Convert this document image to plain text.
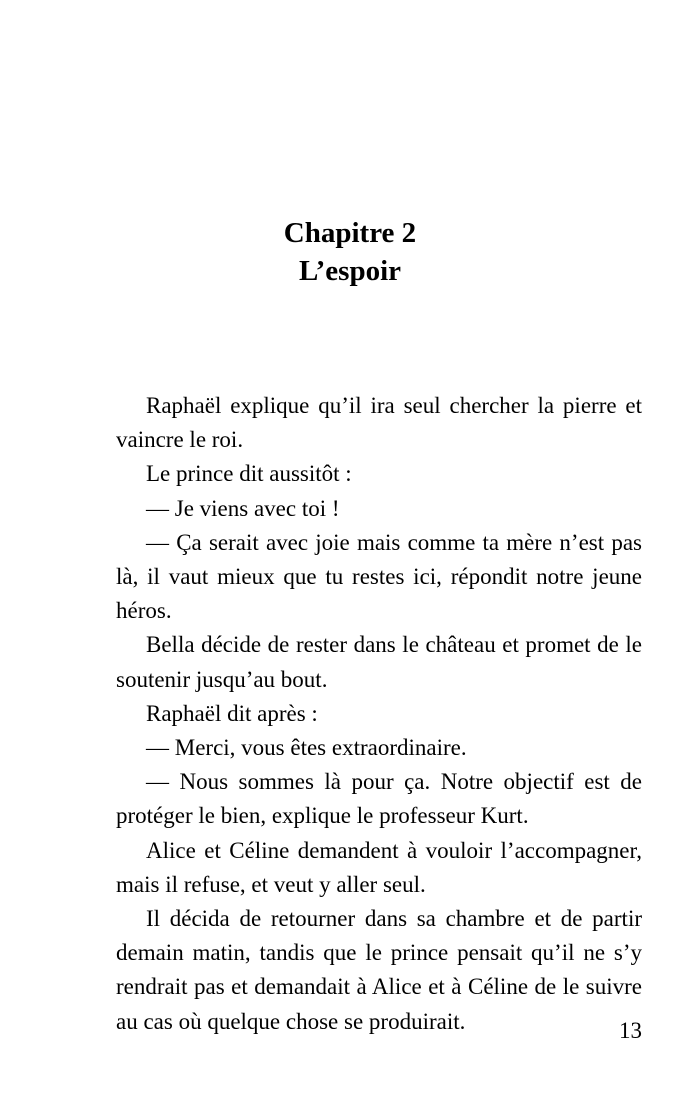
Chapitre 2
L’espoir

Raphaël explique qu’il ira seul chercher la pierre et vaincre le roi.

Le prince dit aussitôt :

— Je viens avec toi !

— Ça serait avec joie mais comme ta mère n’est pas là, il vaut mieux que tu restes ici, répondit notre jeune héros.

Bella décide de rester dans le château et promet de le soutenir jusqu’au bout.

Raphaël dit après :

— Merci, vous êtes extraordinaire.

— Nous sommes là pour ça. Notre objectif est de protéger le bien, explique le professeur Kurt.

Alice et Céline demandent à vouloir l’accompagner, mais il refuse, et veut y aller seul.

Il décida de retourner dans sa chambre et de partir demain matin, tandis que le prince pensait qu’il ne s’y rendrait pas et demandait à Alice et à Céline de le suivre au cas où quelque chose se produirait.	13
